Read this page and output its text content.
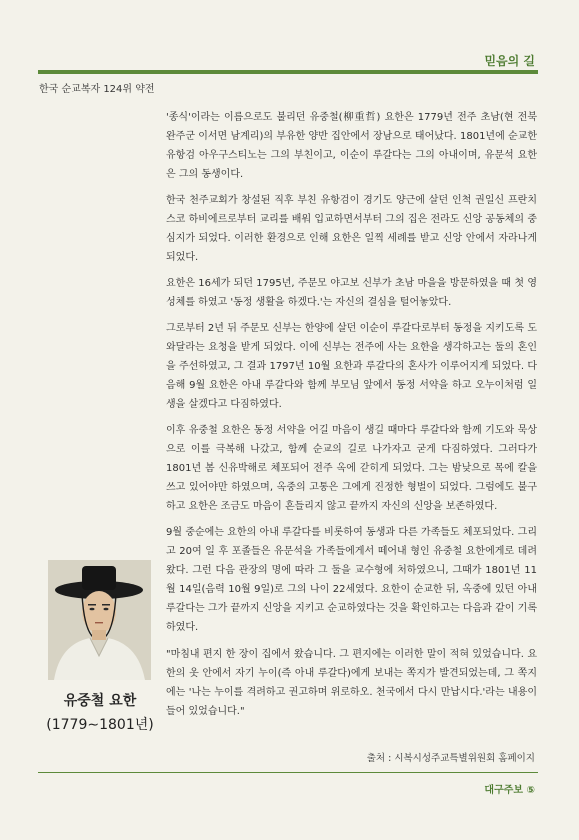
믿음의 길
한국 순교복자 124위 약전

'종식'이라는 이름으로도 불리던 유중철(柳重哲) 요한은 1779년 전주 초남(현 전북 완주군 이서면 남계리)의 부유한 양반 집안에서 장남으로 태어났다. 1801년에 순교한 유항검 아우구스티노는 그의 부친이고, 이순이 루갈다는 그의 아내이며, 유문석 요한은 그의 동생이다.

한국 천주교회가 창설된 직후 부친 유항검이 경기도 양근에 살던 인척 권일신 프란치스코 하비에르로부터 교리를 배워 입교하면서부터 그의 집은 전라도 신앙 공동체의 중심지가 되었다. 이러한 환경으로 인해 요한은 일찍 세례를 받고 신앙 안에서 자라나게 되었다.

요한은 16세가 되던 1795년, 주문모 야고보 신부가 초남 마을을 방문하였을 때 첫 영성체를 하였고 '동정 생활을 하겠다.'는 자신의 결심을 털어놓았다.

그로부터 2년 뒤 주문모 신부는 한양에 살던 이순이 루갈다로부터 동정을 지키도록 도와달라는 요청을 받게 되었다. 이에 신부는 전주에 사는 요한을 생각하고는 둘의 혼인을 주선하였고, 그 결과 1797년 10월 요한과 루갈다의 혼사가 이루어지게 되었다. 다음해 9월 요한은 아내 루갈다와 함께 부모님 앞에서 동정 서약을 하고 오누이처럼 일생을 살겠다고 다짐하였다.

이후 유중철 요한은 동정 서약을 어길 마음이 생길 때마다 루갈다와 함께 기도와 묵상으로 이를 극복해 나갔고, 함께 순교의 길로 나가자고 굳게 다짐하였다. 그러다가 1801년 봄 신유박해로 체포되어 전주 옥에 갇히게 되었다. 그는 밤낮으로 목에 칼을 쓰고 있어야만 하였으며, 옥중의 고통은 그에게 진정한 형벌이 되었다. 그럼에도 불구하고 요한은 조금도 마음이 흔들리지 않고 끝까지 자신의 신앙을 보존하였다.

9월 중순에는 요한의 아내 루갈다를 비롯하여 동생과 다른 가족들도 체포되었다. 그리고 20여 일 후 포졸들은 유문석을 가족들에게서 떼어내 형인 유중철 요한에게로 데려왔다. 그런 다음 관장의 명에 따라 그 둘을 교수형에 처하였으니, 그때가 1801년 11월 14일(음력 10월 9일)로 그의 나이 22세였다. 요한이 순교한 뒤, 옥중에 있던 아내 루갈다는 그가 끝까지 신앙을 지키고 순교하였다는 것을 확인하고는 다음과 같이 기록하였다.

"마침내 편지 한 장이 집에서 왔습니다. 그 편지에는 이러한 말이 적혀 있었습니다. 요한의 옷 안에서 자기 누이(즉 아내 루갈다)에게 보내는 쪽지가 발견되었는데, 그 쪽지에는 '나는 누이를 격려하고 권고하며 위로하오. 천국에서 다시 만납시다.'라는 내용이 들어 있었습니다."

출처 : 시복시성주교특별위원회 홈페이지
유중철 요한
(1779∼1801년)
대구주보 ⑤
